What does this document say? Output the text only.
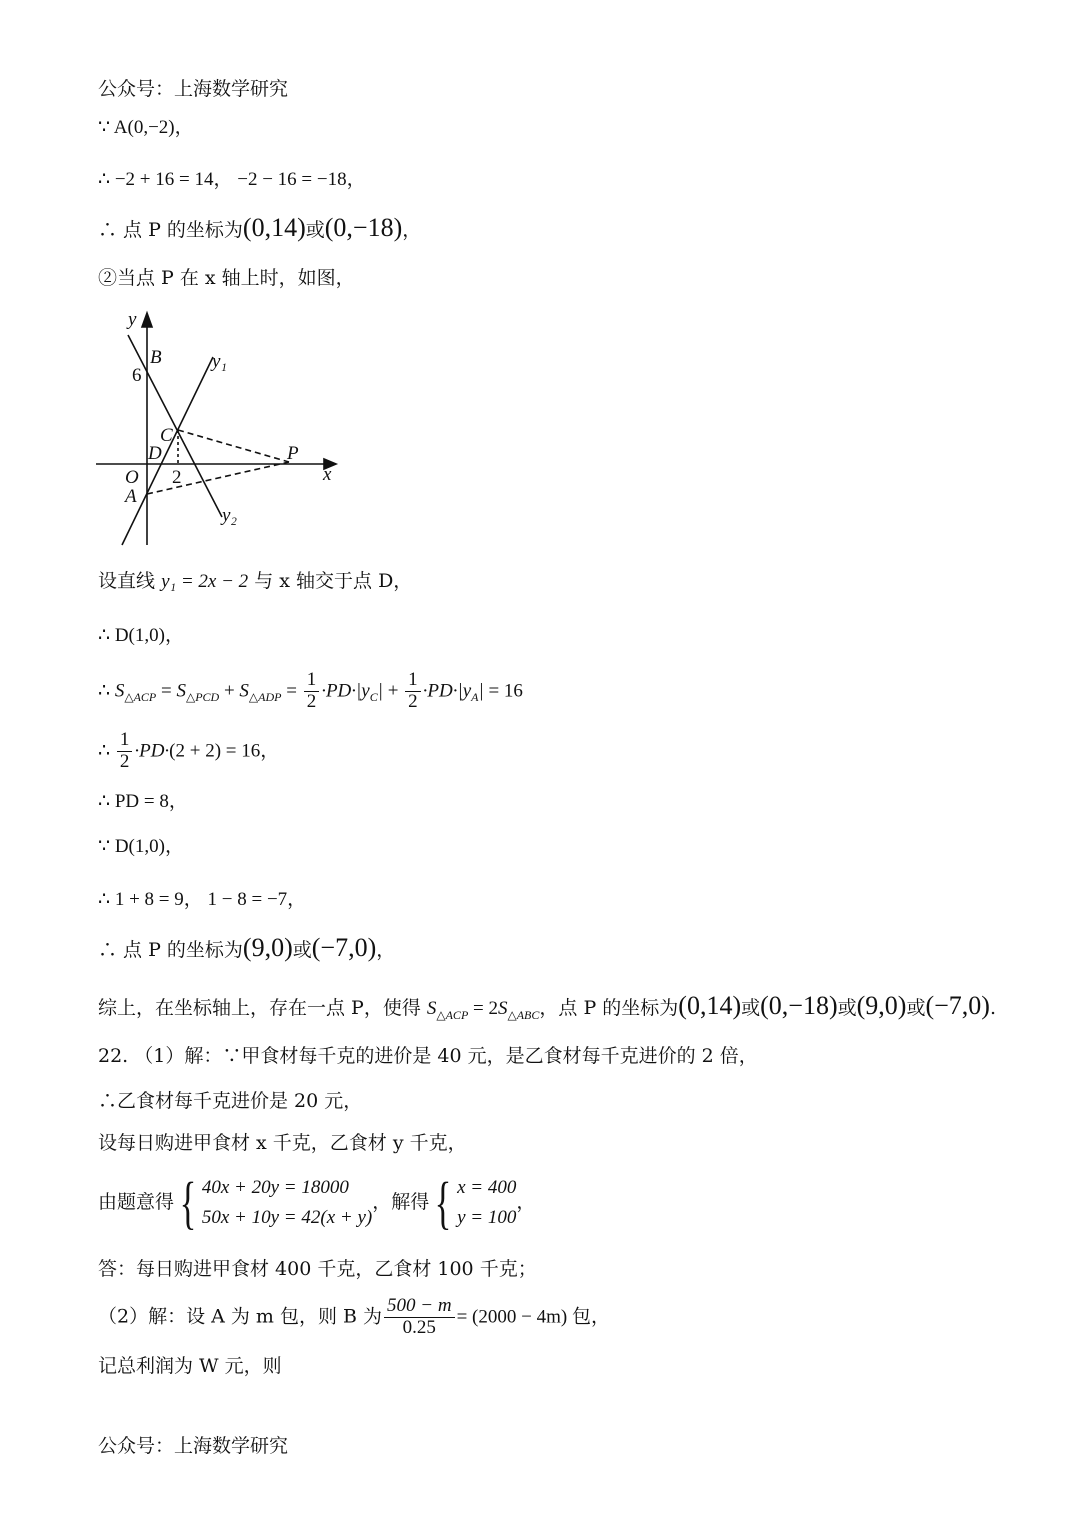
公众号：上海数学研究
∵ A(0,−2)，
∴ −2 + 16 = 14， −2 − 16 = −18，
∴ 点 P 的坐标为(0,14)或(0,−18)，
②当点 P 在 x 轴上时，如图，
y
x
B
6
y₁
C
D	P
O 2
A
y₂
设直线 y₁ = 2x − 2 与 x 轴交于点 D，
∴ D(1,0)，
∴ $S_{\triangle ACP} = S_{\triangle PCD} + S_{\triangle ADP} = \frac{1}{2} \cdot PD\cdot|y_C| + \frac{1}{2} \cdot PD\cdot|y_A| = 16$
∴ $\frac{1}{2} \cdot PD\cdot(2 + 2) = 16$，
∴ PD = 8，
∵ D(1,0)，
∴ 1 + 8 = 9， 1 − 8 = −7，
∴ 点 P 的坐标为(9,0)或(−7,0)，
综上，在坐标轴上，存在一点 P，使得 $S_{\triangle ACP} = 2S_{\triangle ABC}$，点 P 的坐标为(0,14)或(0,−18)或(9,0)或(−7,0).
22. （1）解：∵甲食材每千克的进价是 40 元，是乙食材每千克进价的 2 倍，
∴乙食材每千克进价是 20 元，
设每日购进甲食材 x 千克，乙食材 y 千克，
由题意得{ 40x + 20y = 18000
50x + 10y = 42(x + y)
，解得{ x = 400
y = 100
，
答：每日购进甲食材 400 千克，乙食材 100 千克；
（2）解：设 A 为 m 包，则 B 为 $\frac{500 - m}{0.25} = (2000 - 4m)$ 包，
记总利润为 W 元，则
公众号：上海数学研究
